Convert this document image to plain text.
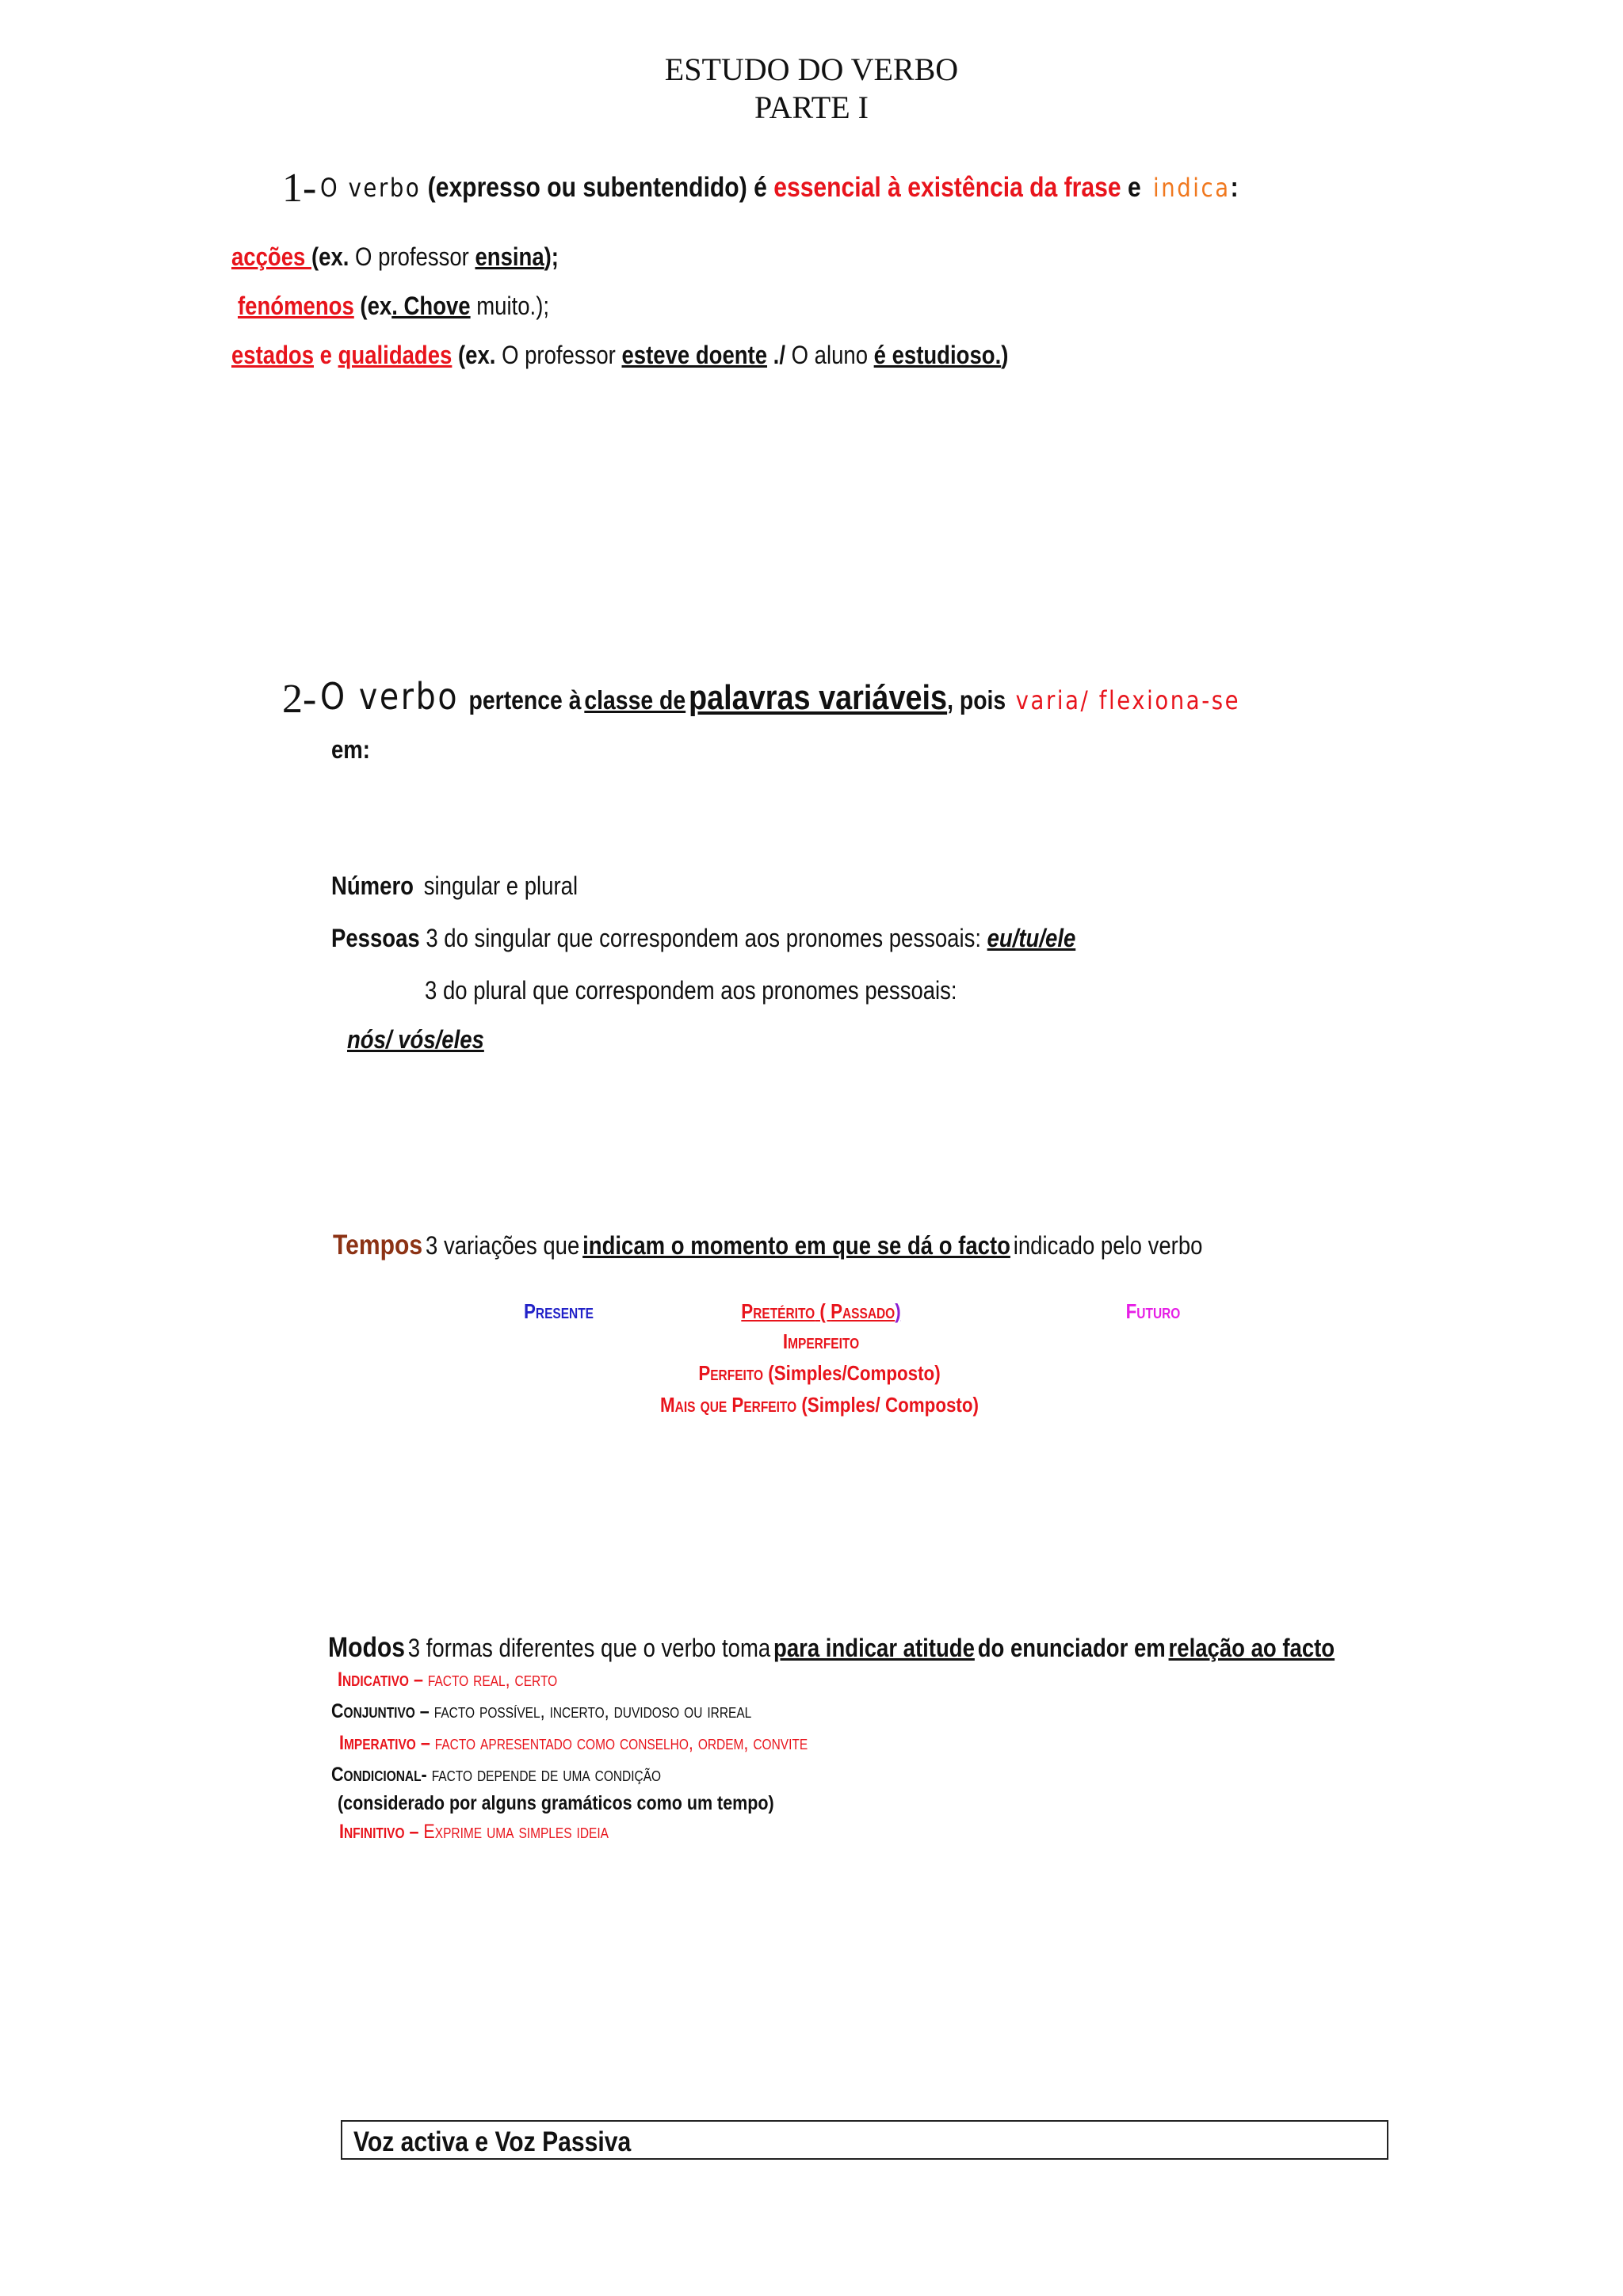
ESTUDO DO VERBO
PARTE I
1- O verbo (expresso ou subentendido) é essencial à existência da frase e indica:
acções (ex. O professor ensina);
fenómenos (ex. Chove muito.);
estados e qualidades (ex. O professor esteve doente ./ O aluno é estudioso.)
2- O verbo pertence à classe de palavras variáveis, pois varia/ flexiona-se
em:
Número singular e plural
Pessoas 3 do singular que correspondem aos pronomes pessoais: eu/tu/ele
3 do plural que correspondem aos pronomes pessoais:
nós/ vós/eles
Tempos 3 variações que indicam o momento em que se dá o facto indicado pelo verbo
Presente	Pretérito ( Passado)	Futuro
Imperfeito
Perfeito (Simples/Composto)
Mais que Perfeito (Simples/ Composto)
Modos 3 formas diferentes que o verbo toma para indicar atitude do enunciador em relação ao facto
Indicativo – facto real, certo
Conjuntivo – facto possível, incerto, duvidoso ou irreal
Imperativo – facto apresentado como conselho, ordem, convite
Condicional- facto depende de uma condição
(considerado por alguns gramáticos como um tempo)
Infinitivo – Exprime uma simples ideia
Voz activa e Voz Passiva
